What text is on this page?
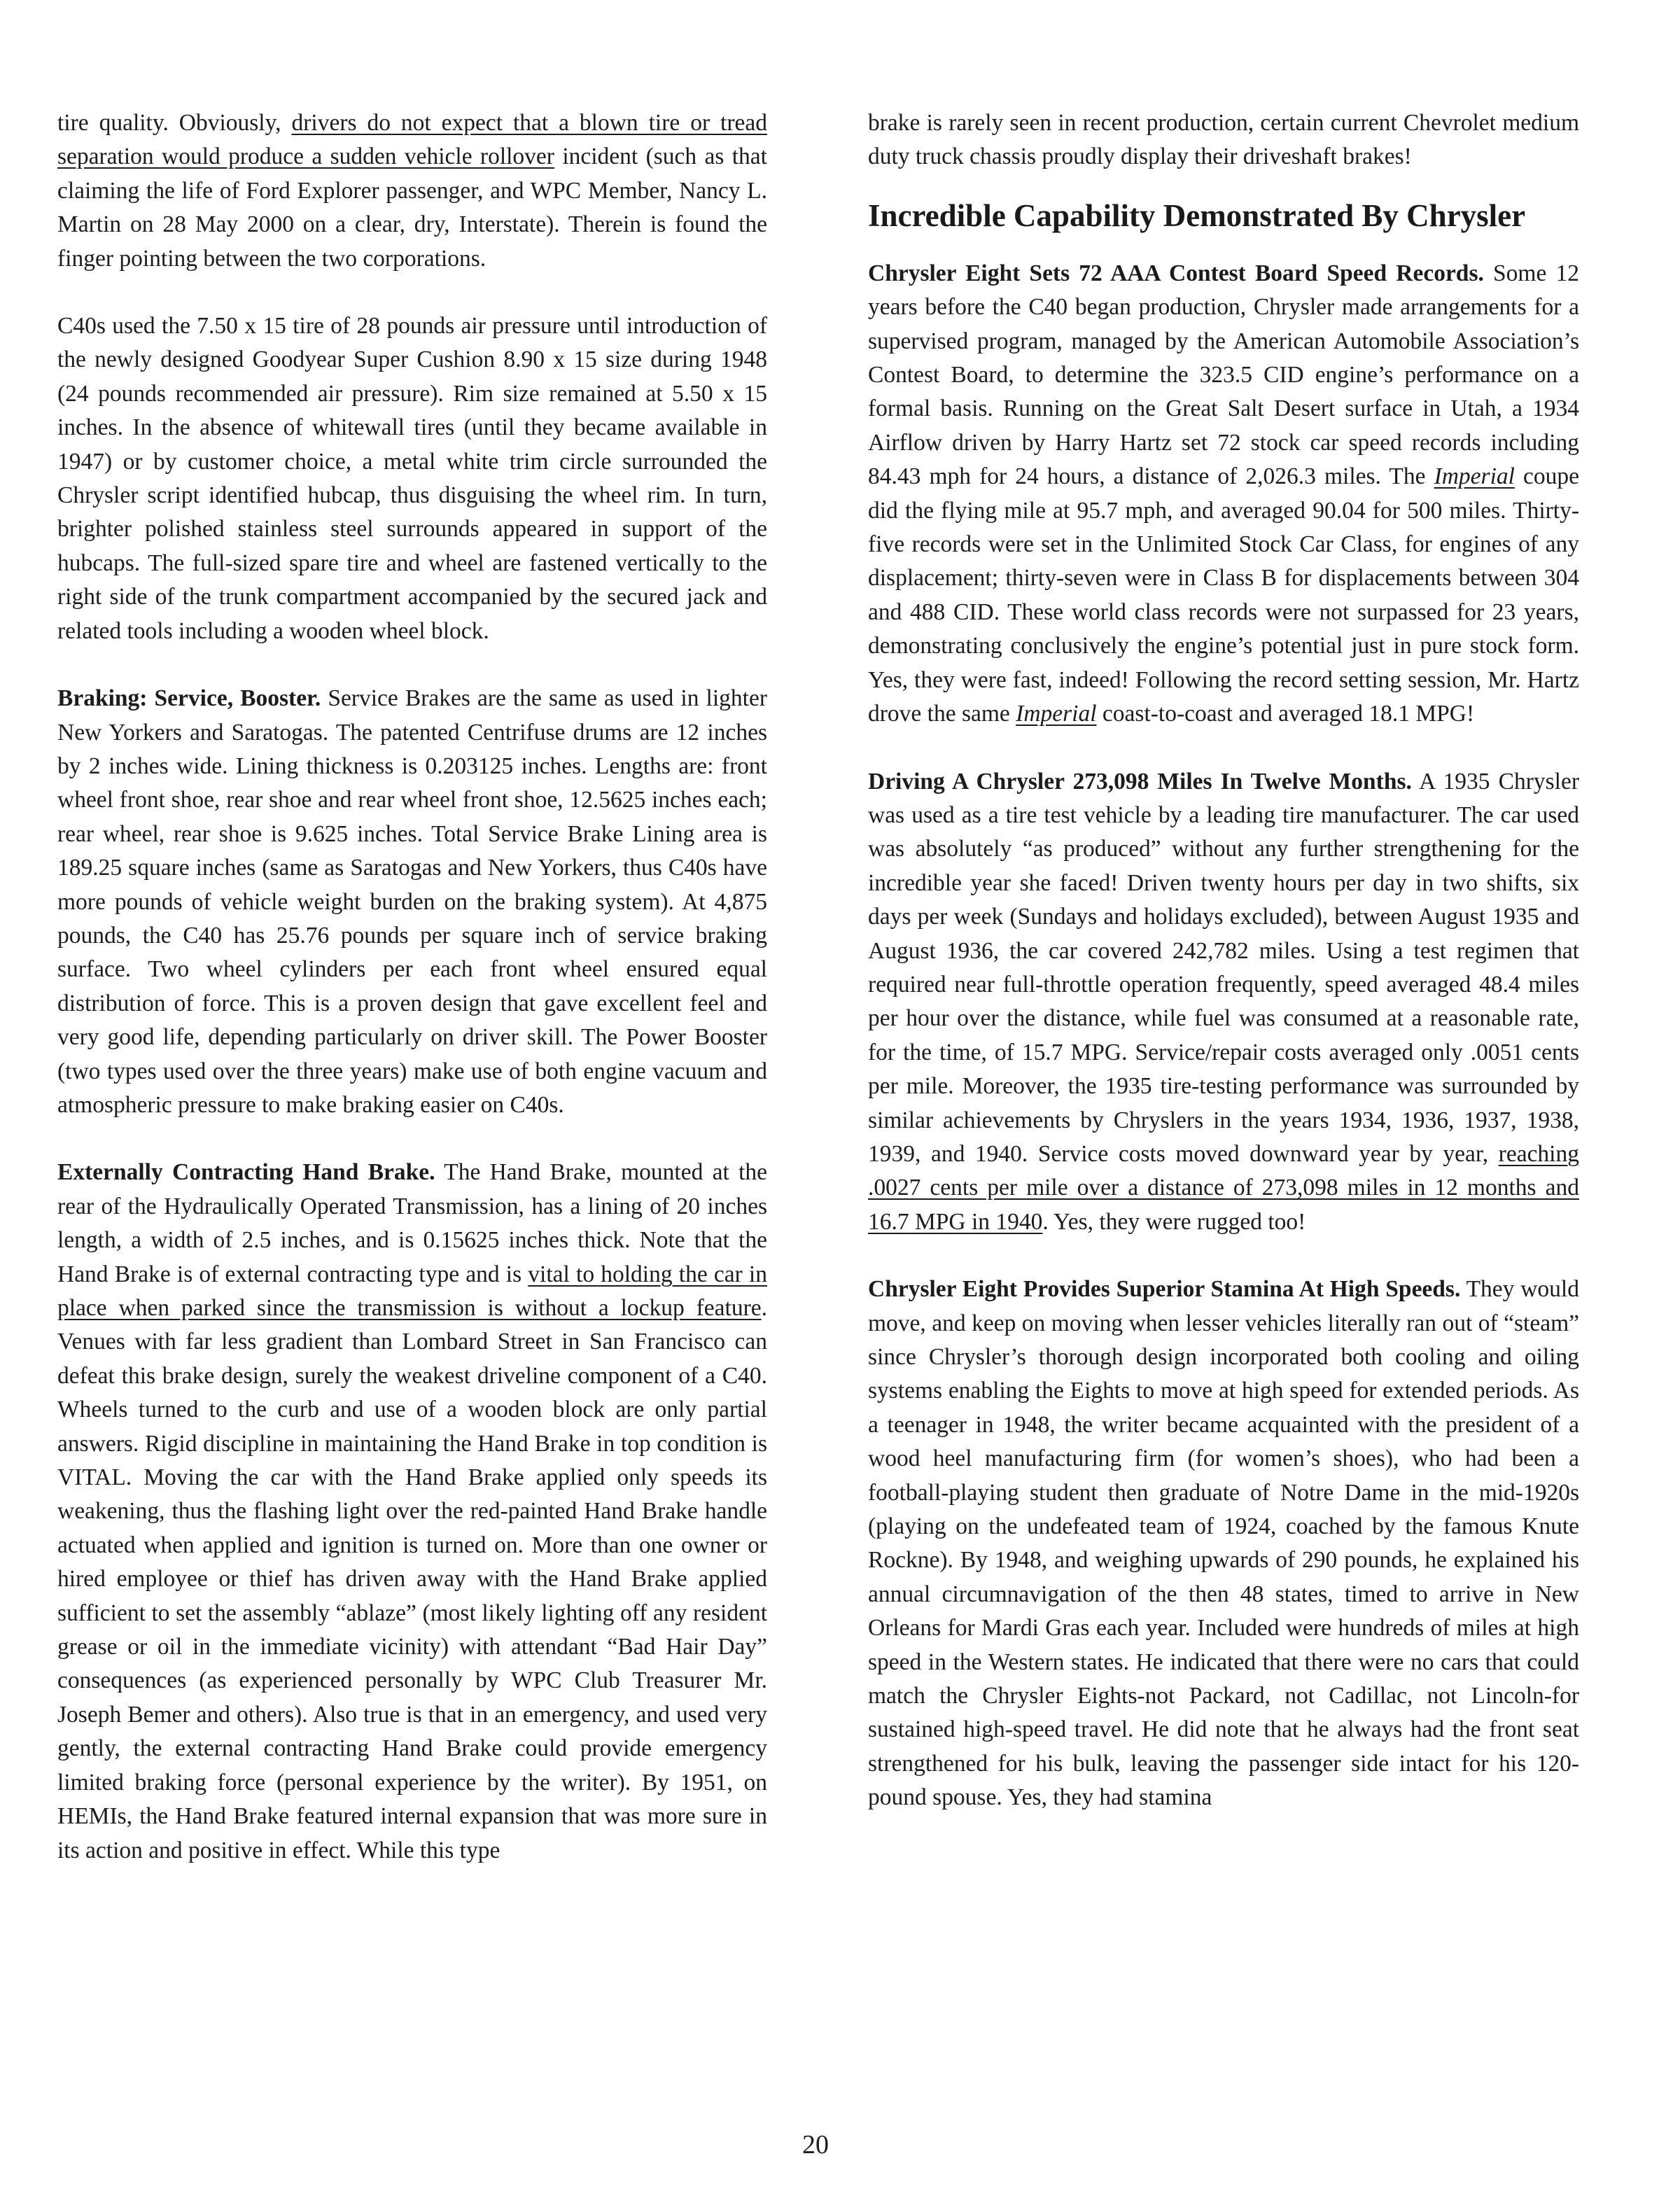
tire quality. Obviously, drivers do not expect that a blown tire or tread separation would produce a sudden vehicle rollover incident (such as that claiming the life of Ford Explorer passenger, and WPC Member, Nancy L. Martin on 28 May 2000 on a clear, dry, Interstate). Therein is found the finger pointing between the two corporations.

C40s used the 7.50 x 15 tire of 28 pounds air pressure until introduction of the newly designed Goodyear Super Cushion 8.90 x 15 size during 1948 (24 pounds recommended air pressure). Rim size remained at 5.50 x 15 inches. In the absence of whitewall tires (until they became available in 1947) or by customer choice, a metal white trim circle surrounded the Chrysler script identified hubcap, thus disguising the wheel rim. In turn, brighter polished stainless steel surrounds appeared in support of the hubcaps. The full-sized spare tire and wheel are fastened vertically to the right side of the trunk compartment accompanied by the secured jack and related tools including a wooden wheel block.

Braking: Service, Booster. Service Brakes are the same as used in lighter New Yorkers and Saratogas. The patented Centrifuse drums are 12 inches by 2 inches wide. Lining thickness is 0.203125 inches. Lengths are: front wheel front shoe, rear shoe and rear wheel front shoe, 12.5625 inches each; rear wheel, rear shoe is 9.625 inches. Total Service Brake Lining area is 189.25 square inches (same as Saratogas and New Yorkers, thus C40s have more pounds of vehicle weight burden on the braking system). At 4,875 pounds, the C40 has 25.76 pounds per square inch of service braking surface. Two wheel cylinders per each front wheel ensured equal distribution of force. This is a proven design that gave excellent feel and very good life, depending particularly on driver skill. The Power Booster (two types used over the three years) make use of both engine vacuum and atmospheric pressure to make braking easier on C40s.

Externally Contracting Hand Brake. The Hand Brake, mounted at the rear of the Hydraulically Operated Transmission, has a lining of 20 inches length, a width of 2.5 inches, and is 0.15625 inches thick. Note that the Hand Brake is of external contracting type and is vital to holding the car in place when parked since the transmission is without a lockup feature. Venues with far less gradient than Lombard Street in San Francisco can defeat this brake design, surely the weakest driveline component of a C40. Wheels turned to the curb and use of a wooden block are only partial answers. Rigid discipline in maintaining the Hand Brake in top condition is VITAL. Moving the car with the Hand Brake applied only speeds its weakening, thus the flashing light over the red-painted Hand Brake handle actuated when applied and ignition is turned on. More than one owner or hired employee or thief has driven away with the Hand Brake applied sufficient to set the assembly “ablaze” (most likely lighting off any resident grease or oil in the immediate vicinity) with attendant “Bad Hair Day” consequences (as experienced personally by WPC Club Treasurer Mr. Joseph Bemer and others). Also true is that in an emergency, and used very gently, the external contracting Hand Brake could provide emergency limited braking force (personal experience by the writer). By 1951, on HEMIs, the Hand Brake featured internal expansion that was more sure in its action and positive in effect. While this type

brake is rarely seen in recent production, certain current Chevrolet medium duty truck chassis proudly display their driveshaft brakes!

Incredible Capability Demonstrated By Chrysler

Chrysler Eight Sets 72 AAA Contest Board Speed Records. Some 12 years before the C40 began production, Chrysler made arrangements for a supervised program, managed by the American Automobile Association’s Contest Board, to determine the 323.5 CID engine’s performance on a formal basis. Running on the Great Salt Desert surface in Utah, a 1934 Airflow driven by Harry Hartz set 72 stock car speed records including 84.43 mph for 24 hours, a distance of 2,026.3 miles. The Imperial coupe did the flying mile at 95.7 mph, and averaged 90.04 for 500 miles. Thirty-five records were set in the Unlimited Stock Car Class, for engines of any displacement; thirty-seven were in Class B for displacements between 304 and 488 CID. These world class records were not surpassed for 23 years, demonstrating conclusively the engine’s potential just in pure stock form. Yes, they were fast, indeed! Following the record setting session, Mr. Hartz drove the same Imperial coast-to-coast and averaged 18.1 MPG!

Driving A Chrysler 273,098 Miles In Twelve Months. A 1935 Chrysler was used as a tire test vehicle by a leading tire manufacturer. The car used was absolutely “as produced” without any further strengthening for the incredible year she faced! Driven twenty hours per day in two shifts, six days per week (Sundays and holidays excluded), between August 1935 and August 1936, the car covered 242,782 miles. Using a test regimen that required near full-throttle operation frequently, speed averaged 48.4 miles per hour over the distance, while fuel was consumed at a reasonable rate, for the time, of 15.7 MPG. Service/repair costs averaged only .0051 cents per mile. Moreover, the 1935 tire-testing performance was surrounded by similar achievements by Chryslers in the years 1934, 1936, 1937, 1938, 1939, and 1940. Service costs moved downward year by year, reaching .0027 cents per mile over a distance of 273,098 miles in 12 months and 16.7 MPG in 1940. Yes, they were rugged too!

Chrysler Eight Provides Superior Stamina At High Speeds. They would move, and keep on moving when lesser vehicles literally ran out of “steam” since Chrysler’s thorough design incorporated both cooling and oiling systems enabling the Eights to move at high speed for extended periods. As a teenager in 1948, the writer became acquainted with the president of a wood heel manufacturing firm (for women’s shoes), who had been a football-playing student then graduate of Notre Dame in the mid-1920s (playing on the undefeated team of 1924, coached by the famous Knute Rockne). By 1948, and weighing upwards of 290 pounds, he explained his annual circumnavigation of the then 48 states, timed to arrive in New Orleans for Mardi Gras each year. Included were hundreds of miles at high speed in the Western states. He indicated that there were no cars that could match the Chrysler Eights-not Packard, not Cadillac, not Lincoln-for sustained high-speed travel. He did note that he always had the front seat strengthened for his bulk, leaving the passenger side intact for his 120-pound spouse. Yes, they had stamina

20
